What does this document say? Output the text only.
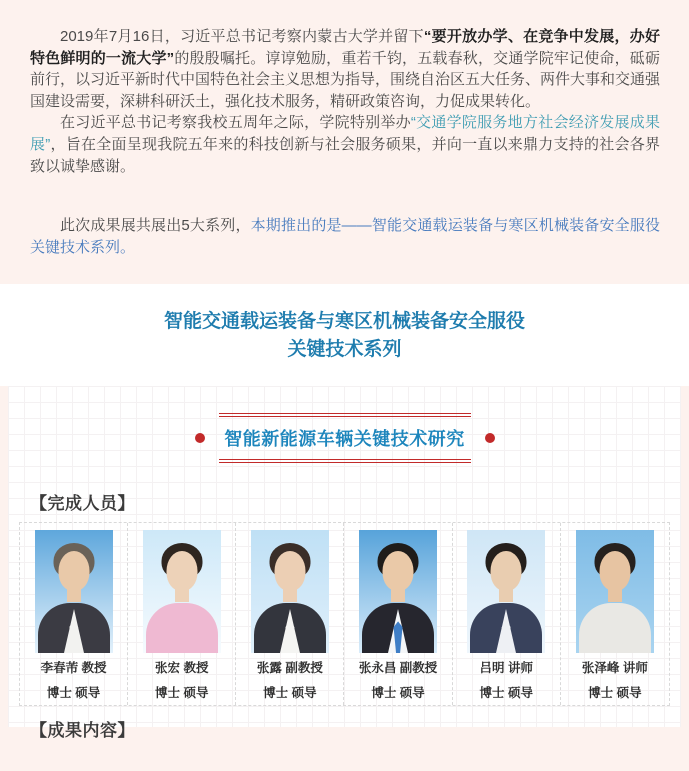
2019年7月16日，习近平总书记考察内蒙古大学并留下“要开放办学、在竞争中发展，办好特色鲜明的一流大学”的殷殷嘱托。谆谆勉励，重若千钧，五载春秋，交通学院牢记使命，砥砺前行，以习近平新时代中国特色社会主义思想为指导，围绕自治区五大任务、两件大事和交通强国建设需要，深耕科研沃土，强化技术服务，精研政策咨询，力促成果转化。

在习近平总书记考察我校五周年之际，学院特别举办“交通学院服务地方社会经济发展成果展”，旨在全面呈现我院五年来的科技创新与社会服务硕果，并向一直以来鼎力支持的社会各界致以诚挚感谢。

此次成果展共展出5大系列，本期推出的是——智能交通载运装备与寒区机械装备安全服役关键技术系列。

智能交通载运装备与寒区机械装备安全服役
关键技术系列
智能新能源车辆关键技术研究
【完成人员】
李春芾 教授
博士 硕导
张宏 教授
博士 硕导
张露 副教授
博士 硕导
张永昌 副教授
博士 硕导
吕明 讲师
博士 硕导
张泽峰 讲师
博士 硕导
【成果内容】
